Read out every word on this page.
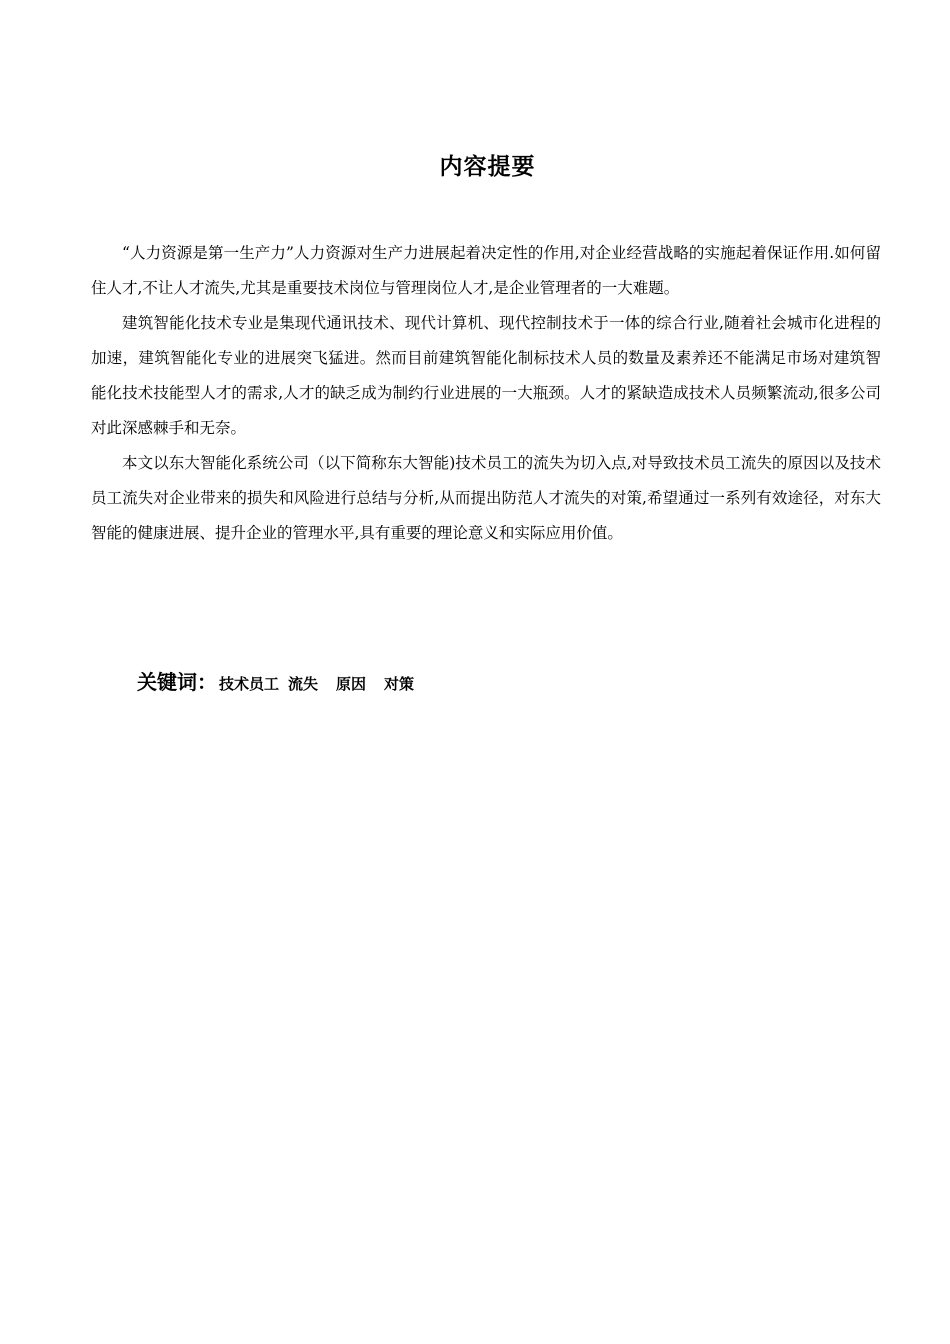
内容提要

“人力资源是第一生产力”人力资源对生产力进展起着决定性的作用,对企业经营战略的实施起着保证作用.如何留住人才,不让人才流失,尤其是重要技术岗位与管理岗位人才,是企业管理者的一大难题。

建筑智能化技术专业是集现代通讯技术、现代计算机、现代控制技术于一体的综合行业,随着社会城市化进程的加速，建筑智能化专业的进展突飞猛进。然而目前建筑智能化制标技术人员的数量及素养还不能满足市场对建筑智能化技术技能型人才的需求,人才的缺乏成为制约行业进展的一大瓶颈。人才的紧缺造成技术人员频繁流动,很多公司对此深感棘手和无奈。

本文以东大智能化系统公司（以下简称东大智能)技术员工的流失为切入点,对导致技术员工流失的原因以及技术员工流失对企业带来的损失和风险进行总结与分析,从而提出防范人才流失的对策,希望通过一系列有效途径，对东大智能的健康进展、提升企业的管理水平,具有重要的理论意义和实际应用价值。

关键词： 技术员工 流失 原因 对策
